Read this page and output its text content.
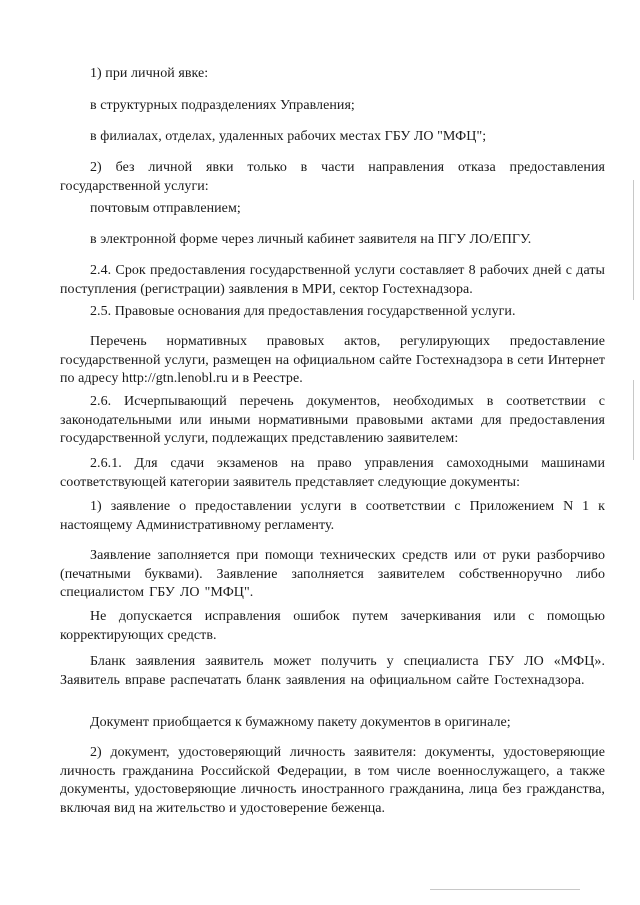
1) при личной явке:

в структурных подразделениях Управления;

в филиалах, отделах, удаленных рабочих местах ГБУ ЛО "МФЦ";

2) без личной явки только в части направления отказа предоставления государственной услуги:

почтовым отправлением;

в электронной форме через личный кабинет заявителя на ПГУ ЛО/ЕПГУ.

2.4. Срок предоставления государственной услуги составляет 8 рабочих дней с даты поступления (регистрации) заявления в МРИ, сектор Гостехнадзора.

2.5. Правовые основания для предоставления государственной услуги.

Перечень нормативных правовых актов, регулирующих предоставление государственной услуги, размещен на официальном сайте Гостехнадзора в сети Интернет по адресу http://gtn.lenobl.ru и в Реестре.

2.6. Исчерпывающий перечень документов, необходимых в соответствии с законодательными или иными нормативными правовыми актами для предоставления государственной услуги, подлежащих представлению заявителем:

2.6.1. Для сдачи экзаменов на право управления самоходными машинами соответствующей категории заявитель представляет следующие документы:

1) заявление о предоставлении услуги в соответствии с Приложением N 1 к настоящему Административному регламенту.

Заявление заполняется при помощи технических средств или от руки разборчиво (печатными буквами). Заявление заполняется заявителем собственноручно либо специалистом ГБУ ЛО "МФЦ".

Не допускается исправления ошибок путем зачеркивания или с помощью корректирующих средств.

Бланк заявления заявитель может получить у специалиста ГБУ ЛО «МФЦ». Заявитель вправе распечатать бланк заявления на официальном сайте Гостехнадзора.

Документ приобщается к бумажному пакету документов в оригинале;

2) документ, удостоверяющий личность заявителя: документы, удостоверяющие личность гражданина Российской Федерации, в том числе военнослужащего, а также документы, удостоверяющие личность иностранного гражданина, лица без гражданства, включая вид на жительство и удостоверение беженца.
